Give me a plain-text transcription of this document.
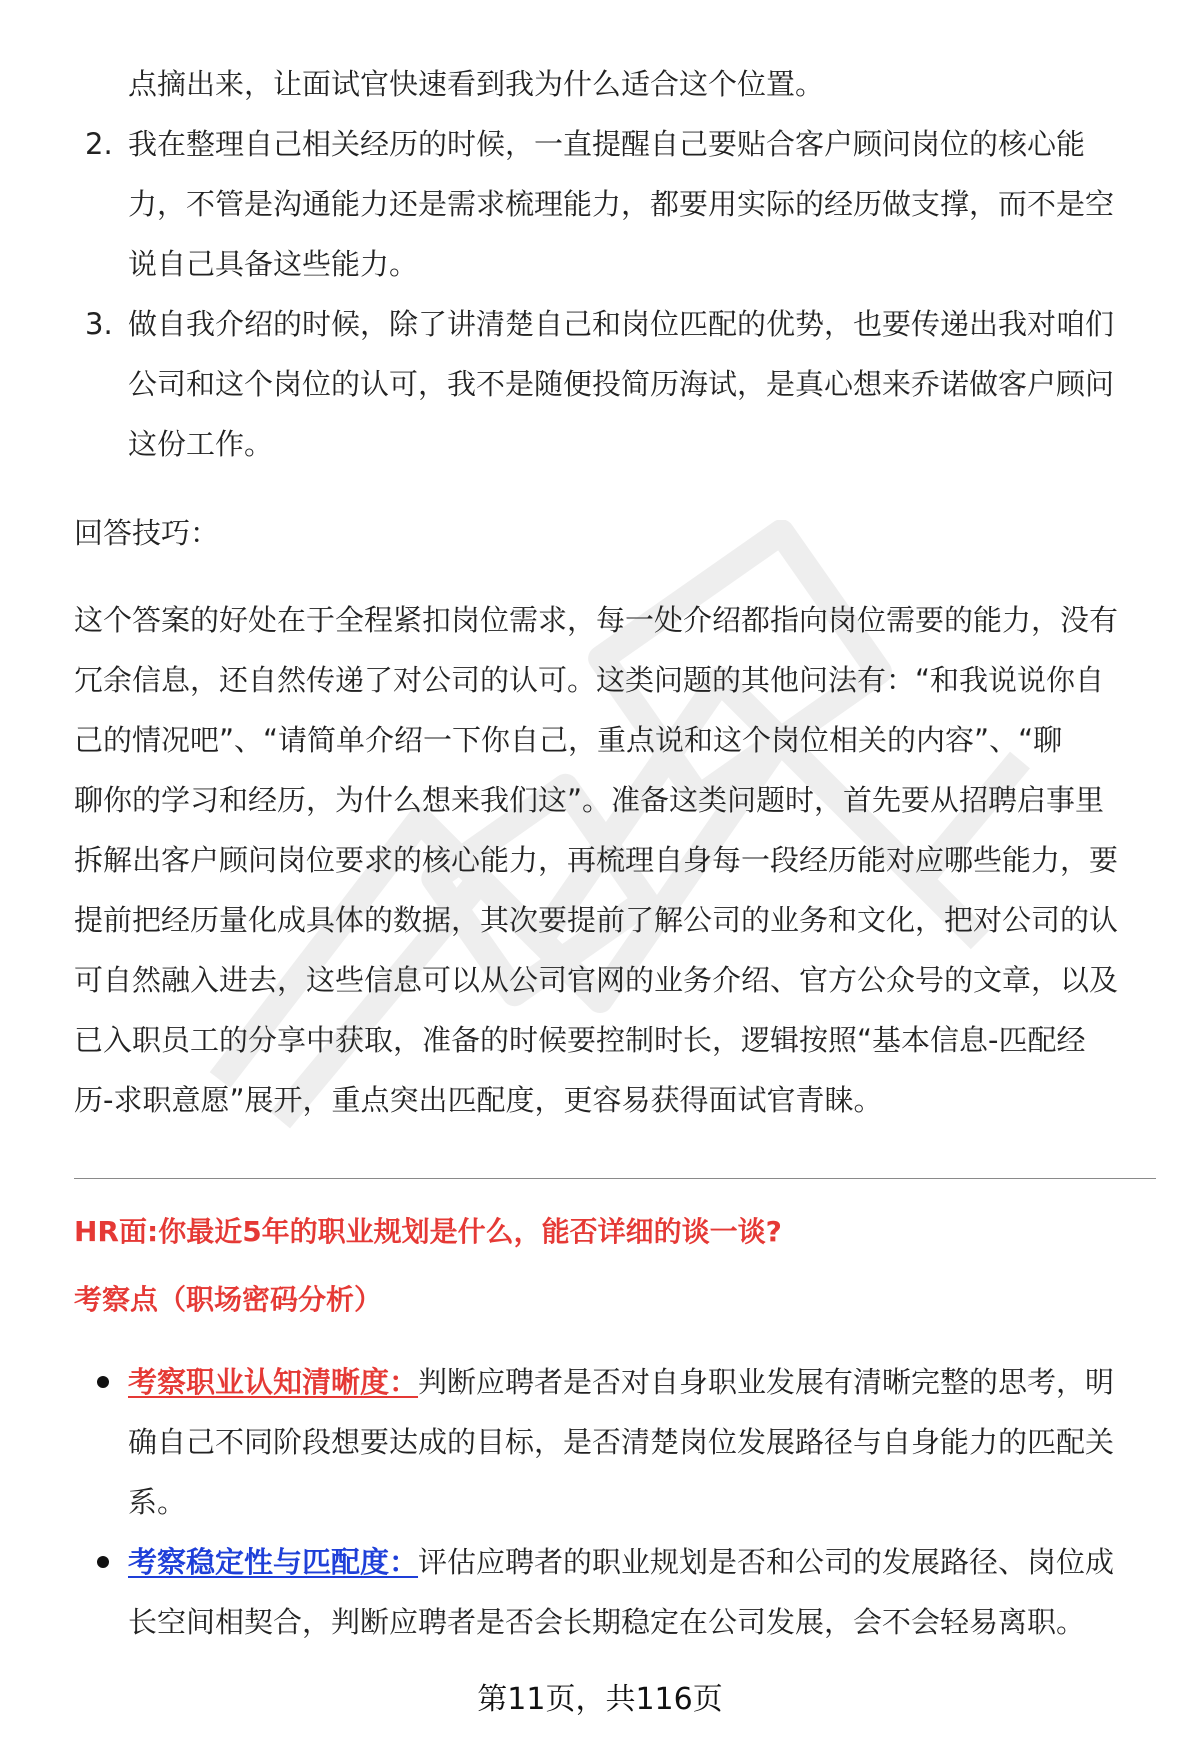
点摘出来，让面试官快速看到我为什么适合这个位置。

2. 我在整理自己相关经历的时候，一直提醒自己要贴合客户顾问岗位的核心能

力，不管是沟通能力还是需求梳理能力，都要用实际的经历做支撑，而不是空

说自己具备这些能力。

3. 做自我介绍的时候，除了讲清楚自己和岗位匹配的优势，也要传递出我对咱们

公司和这个岗位的认可，我不是随便投简历海试，是真心想来乔诺做客户顾问

这份工作。

回答技巧：

这个答案的好处在于全程紧扣岗位需求，每一处介绍都指向岗位需要的能力，没有

冗余信息，还自然传递了对公司的认可。这类问题的其他问法有：“和我说说你自

己的情况吧”、“请简单介绍一下你自己，重点说和这个岗位相关的内容”、“聊

聊你的学习和经历，为什么想来我们这”。准备这类问题时，首先要从招聘启事里

拆解出客户顾问岗位要求的核心能力，再梳理自身每一段经历能对应哪些能力，要

提前把经历量化成具体的数据，其次要提前了解公司的业务和文化，把对公司的认

可自然融入进去，这些信息可以从公司官网的业务介绍、官方公众号的文章，以及

已入职员工的分享中获取，准备的时候要控制时长，逻辑按照“基本信息-匹配经

历-求职意愿”展开，重点突出匹配度，更容易获得面试官青睐。

HR面:你最近5年的职业规划是什么，能否详细的谈一谈?
考察点（职场密码分析）

考察职业认知清晰度：判断应聘者是否对自身职业发展有清晰完整的思考，明

确自己不同阶段想要达成的目标，是否清楚岗位发展路径与自身能力的匹配关

系。

考察稳定性与匹配度：评估应聘者的职业规划是否和公司的发展路径、岗位成

长空间相契合，判断应聘者是否会长期稳定在公司发展，会不会轻易离职。

第11页，共116页
